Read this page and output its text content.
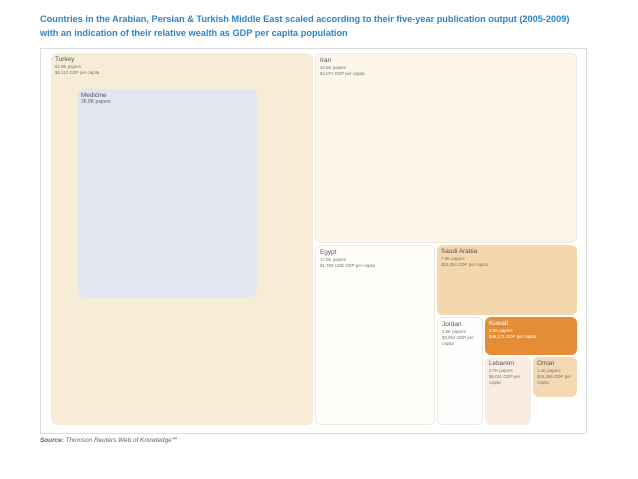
Countries in the Arabian, Persian & Turkish Middle East scaled according to their five-year publication output (2005-2009)
with an indication of their relative wealth as GDP per capita population
Turkey
81.9K papers
$6,113 GDP per capita
Medicine
36.8K papers
Iran
42.6K papers
$4,071 GDP per capita
Egypt
17.5K papers
$1,769 USD GDP per capita
Saudi Arabia
7.9K papers
$15,254 GDP per capita
Jordan
3.9K papers
$3,654 GDP per capita
Kuwait
2.9K papers
$46,171 GDP per capita
Lebanon
2.7K papers
$6,011 GDP per capita
Oman
1.4K papers
$15,385 GDP per capita
Source: Thomson Reuters Web of Knowledge℠
